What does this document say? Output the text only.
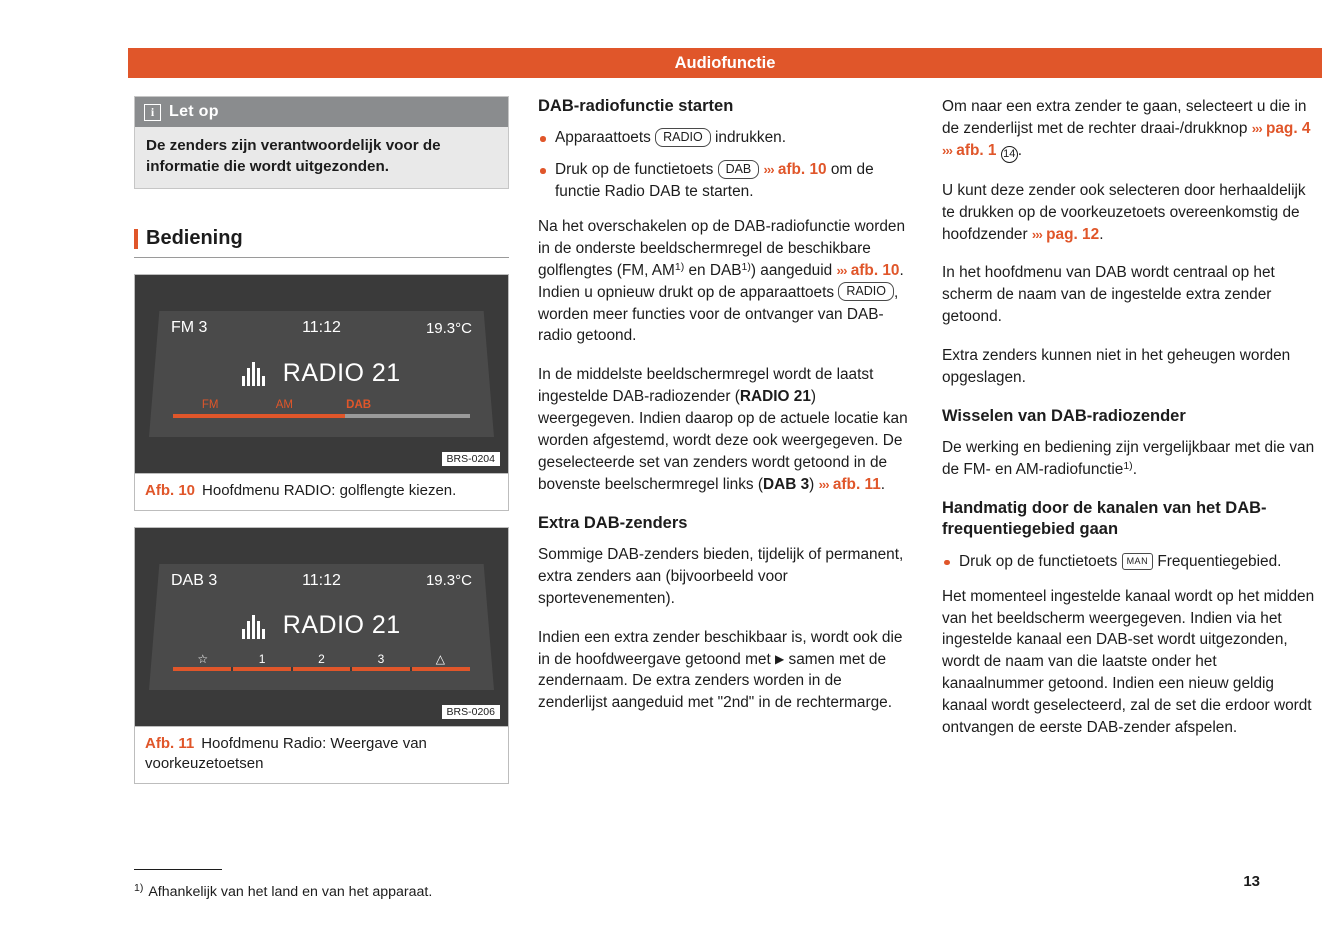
Audiofunctie
i Let op
De zenders zijn verantwoordelijk voor de informatie die wordt uitgezonden.
Bediening
FM 3	11:12	19.3°C
RADIO 21
FM	AM	DAB
BRS-0204
Afb. 10 Hoofdmenu RADIO: golflengte kiezen.
DAB 3	11:12	19.3°C
RADIO 21
☆	1	2	3	△
BRS-0206
Afb. 11 Hoofdmenu Radio: Weergave van voorkeuzetoetsen
DAB-radiofunctie starten
Apparaattoets RADIO indrukken.
Druk op de functietoets DAB ››› afb. 10 om de functie Radio DAB te starten.

Na het overschakelen op de DAB-radiofunctie worden in de onderste beeldschermregel de beschikbare golflengtes (FM, AM$^{1)}$ en DAB$^{1)}$) aangeduid ››› afb. 10. Indien u opnieuw drukt op de apparaattoets RADIO , worden meer functies voor de ontvanger van DAB-radio getoond.

In de middelste beeldschermregel wordt de laatst ingestelde DAB-radiozender (RADIO 21) weergegeven. Indien daarop op de actuele locatie kan worden afgestemd, wordt deze ook weergegeven. De geselecteerde set van zenders wordt getoond in de bovenste beelschermregel links (DAB 3) ››› afb. 11.

Extra DAB-zenders

Sommige DAB-zenders bieden, tijdelijk of permanent, extra zenders aan (bijvoorbeeld voor sportevenementen).

Indien een extra zender beschikbaar is, wordt ook die in de hoofdweergave getoond met ▶ samen met de zendernaam. De extra zenders worden in de zenderlijst aangeduid met "2nd" in de rechtermarge.

Om naar een extra zender te gaan, selecteert u die in de zenderlijst met de rechter draai-/drukknop ››› pag. 4 ››› afb. 1 14 .

U kunt deze zender ook selecteren door herhaaldelijk te drukken op de voorkeuzetoets overeenkomstig de hoofdzender ››› pag. 12.

In het hoofdmenu van DAB wordt centraal op het scherm de naam van de ingestelde extra zender getoond.

Extra zenders kunnen niet in het geheugen worden opgeslagen.

Wisselen van DAB-radiozender

De werking en bediening zijn vergelijkbaar met die van de FM- en AM-radiofunctie$^{1)}$.

Handmatig door de kanalen van het DAB-frequentiegebied gaan
Druk op de functietoets MAN Frequentiegebied.

Het momenteel ingestelde kanaal wordt op het midden van het beeldscherm weergegeven. Indien via het ingestelde kanaal een DAB-set wordt uitgezonden, wordt de naam van die laatste onder het kanaalnummer getoond. Indien een nieuw geldig kanaal wordt geselecteerd, zal de set die erdoor wordt ontvangen de eerste DAB-zender afspelen.

$^{1)}$ Afhankelijk van het land en van het apparaat.
13
